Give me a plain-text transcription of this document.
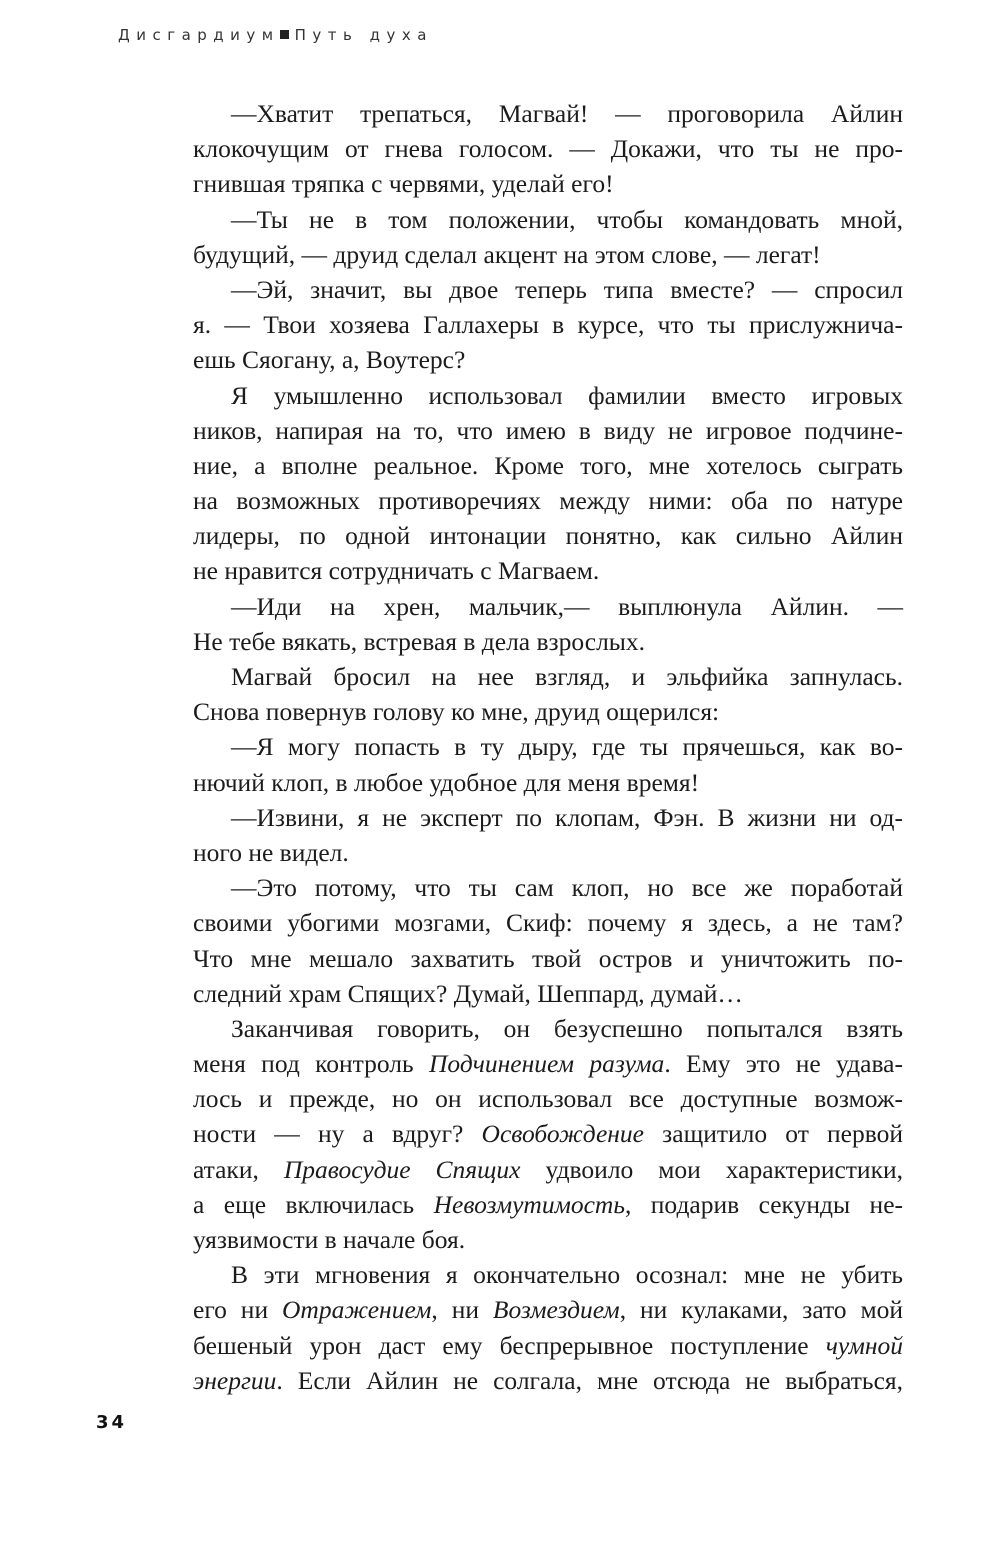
Дисгардиум Путь духа
—Хватит трепаться, Магвай! — проговорила Айлин
клокочущим от гнева голосом. — Докажи, что ты не про-
гнившая тряпка с червями, уделай его!
—Ты не в том положении, чтобы командовать мной,
будущий, — друид сделал акцент на этом слове, — легат!
—Эй, значит, вы двое теперь типа вместе? — спросил
я. — Твои хозяева Галлахеры в курсе, что ты прислужнича-
ешь Сяогану, а, Воутерс?
Я умышленно использовал фамилии вместо игровых
ников, напирая на то, что имею в виду не игровое подчине-
ние, а вполне реальное. Кроме того, мне хотелось сыграть
на возможных противоречиях между ними: оба по натуре
лидеры, по одной интонации понятно, как сильно Айлин
не нравится сотрудничать с Магваем.
—Иди на хрен, мальчик,— выплюнула Айлин. —
Не тебе вякать, встревая в дела взрослых.
Магвай бросил на нее взгляд, и эльфийка запнулась.
Снова повернув голову ко мне, друид ощерился:
—Я могу попасть в ту дыру, где ты прячешься, как во-
нючий клоп, в любое удобное для меня время!
—Извини, я не эксперт по клопам, Фэн. В жизни ни од-
ного не видел.
—Это потому, что ты сам клоп, но все же поработай
своими убогими мозгами, Скиф: почему я здесь, а не там?
Что мне мешало захватить твой остров и уничтожить по-
следний храм Спящих? Думай, Шеппард, думай…
Заканчивая говорить, он безуспешно попытался взять
меня под контроль Подчинением разума. Ему это не удава-
лось и прежде, но он использовал все доступные возмож-
ности — ну а вдруг? Освобождение защитило от первой
атаки, Правосудие Спящих удвоило мои характеристики,
а еще включилась Невозмутимость, подарив секунды не-
уязвимости в начале боя.
В эти мгновения я окончательно осознал: мне не убить
его ни Отражением, ни Возмездием, ни кулаками, зато мой
бешеный урон даст ему беспрерывное поступление чумной
энергии. Если Айлин не солгала, мне отсюда не выбраться,
34
